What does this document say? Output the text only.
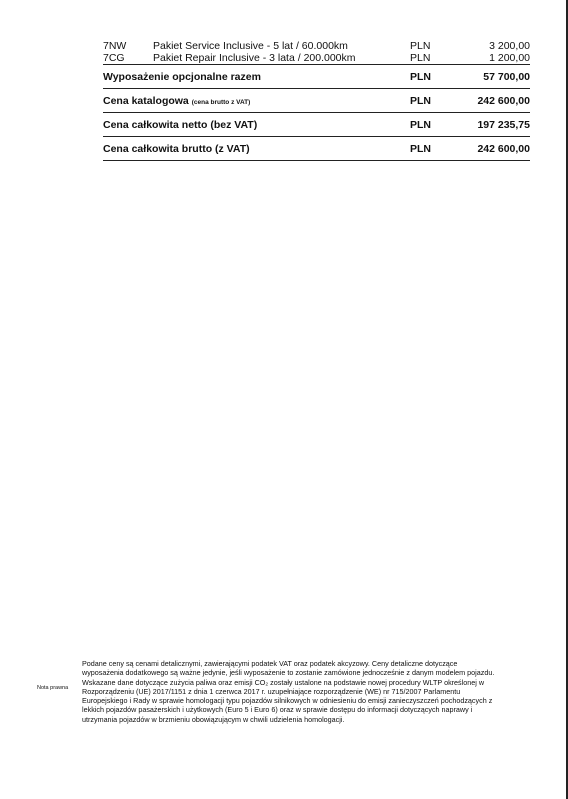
7NW	Pakiet Service Inclusive - 5 lat / 60.000km	PLN	3 200,00
7CG	Pakiet Repair Inclusive - 3 lata / 200.000km	PLN	1 200,00
Wyposażenie opcjonalne razem	PLN	57 700,00
Cena katalogowa (cena brutto z VAT)	PLN	242 600,00
Cena całkowita netto (bez VAT)	PLN	197 235,75
Cena całkowita brutto (z VAT)	PLN	242 600,00
Nota prawna
Podane ceny są cenami detalicznymi, zawierającymi podatek VAT oraz podatek akcyzowy. Ceny detaliczne dotyczące
wyposażenia dodatkowego są ważne jedynie, jeśli wyposażenie to zostanie zamówione jednocześnie z danym modelem pojazdu.
Wskazane dane dotyczące zużycia paliwa oraz emisji CO₂ zostały ustalone na podstawie nowej procedury WLTP określonej w
Rozporządzeniu (UE) 2017/1151 z dnia 1 czerwca 2017 r. uzupełniające rozporządzenie (WE) nr 715/2007 Parlamentu
Europejskiego i Rady w sprawie homologacji typu pojazdów silnikowych w odniesieniu do emisji zanieczyszczeń pochodzących z
lekkich pojazdów pasażerskich i użytkowych (Euro 5 i Euro 6) oraz w sprawie dostępu do informacji dotyczących naprawy i
utrzymania pojazdów w brzmieniu obowiązującym w chwili udzielenia homologacji.
